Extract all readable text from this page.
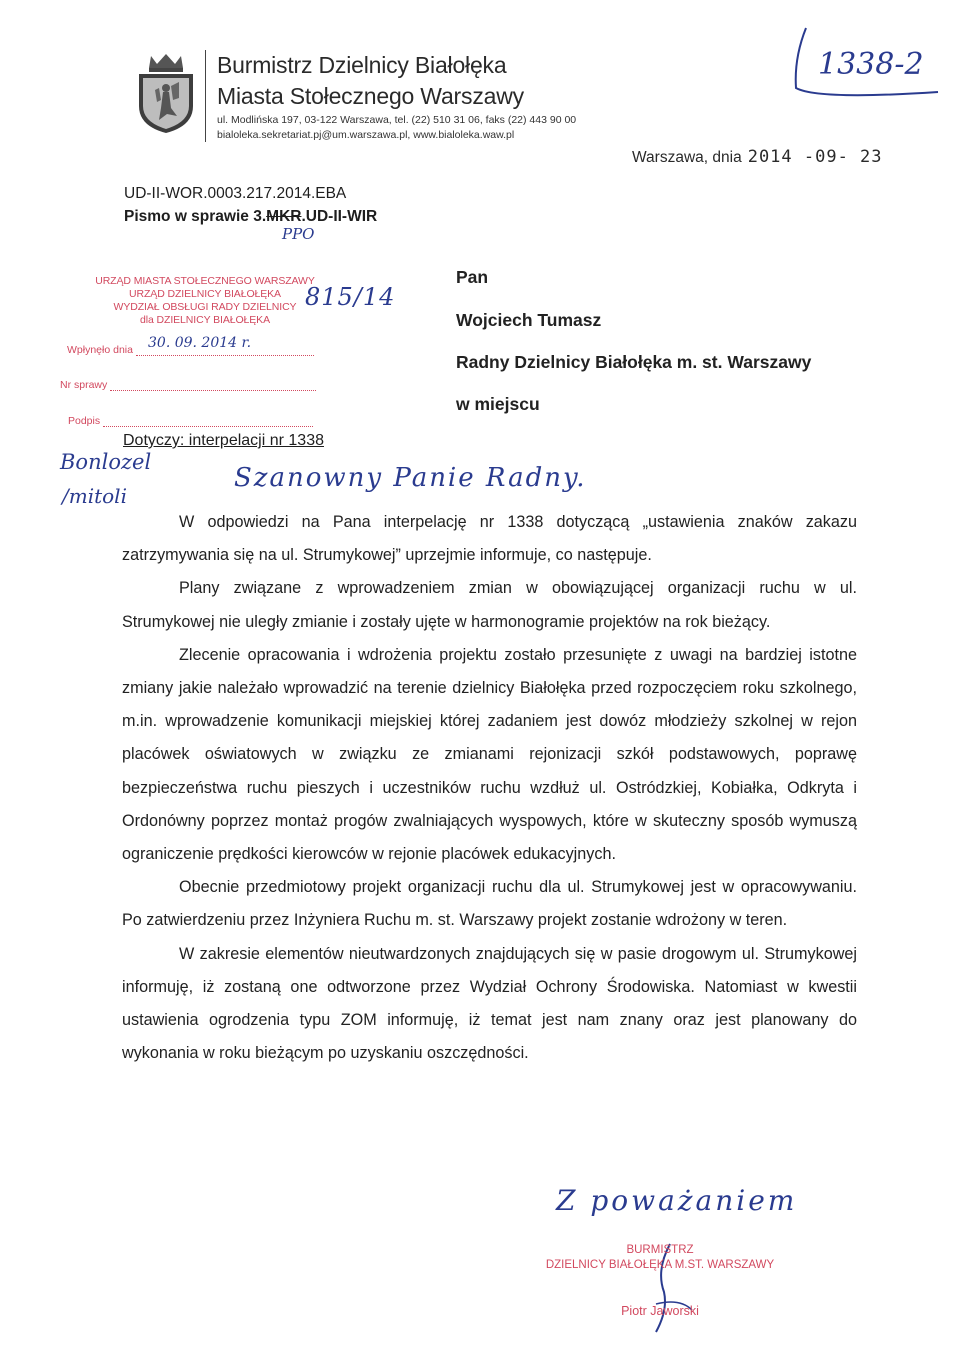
Burmistrz Dzielnicy Białołęka
Miasta Stołecznego Warszawy
ul. Modlińska 197, 03-122 Warszawa, tel. (22) 510 31 06, faks (22) 443 90 00
bialoleka.sekretariat.pj@um.warszawa.pl, www.bialoleka.waw.pl
1338-2
Warszawa, dnia 2014 -09- 23
UD-II-WOR.0003.217.2014.EBA
Pismo w sprawie 3.MKR.UD-II-WIR
PPO
URZĄD MIASTA STOŁECZNEGO WARSZAWY
URZĄD DZIELNICY BIAŁOŁĘKA
WYDZIAŁ OBSŁUGI RADY DZIELNICY
dla DZIELNICY BIAŁOŁĘKA
Wpłynęło dnia	30. 09. 2014 r.
Nr sprawy
Podpis
815/14
Pan
Wojciech Tumasz
Radny Dzielnicy Białołęka m. st. Warszawy
w miejscu
Dotyczy: interpelacji nr 1338
Bonlozel
/mitoli
Szanowny Panie Radny.

W odpowiedzi na Pana interpelację nr 1338 dotyczącą „ustawienia znaków zakazu zatrzymywania się na ul. Strumykowej” uprzejmie informuje, co następuje.

Plany związane z wprowadzeniem zmian w obowiązującej organizacji ruchu w ul. Strumykowej nie uległy zmianie i zostały ujęte w harmonogramie projektów na rok bieżący.

Zlecenie opracowania i wdrożenia projektu zostało przesunięte z uwagi na bardziej istotne zmiany jakie należało wprowadzić na terenie dzielnicy Białołęka przed rozpoczęciem roku szkolnego, m.in. wprowadzenie komunikacji miejskiej której zadaniem jest dowóz młodzieży szkolnej w rejon placówek oświatowych w związku ze zmianami rejonizacji szkół podstawowych, poprawę bezpieczeństwa ruchu pieszych i uczestników ruchu wzdłuż ul. Ostródzkiej, Kobiałka, Odkryta i Ordonówny poprzez montaż progów zwalniających wyspowych, które w skuteczny sposób wymuszą ograniczenie prędkości kierowców w rejonie placówek edukacyjnych.

Obecnie przedmiotowy projekt organizacji ruchu dla ul. Strumykowej jest w opracowywaniu. Po zatwierdzeniu przez Inżyniera Ruchu m. st. Warszawy projekt zostanie wdrożony w teren.

W zakresie elementów nieutwardzonych znajdujących się w pasie drogowym ul. Strumykowej informuję, iż zostaną one odtworzone przez Wydział Ochrony Środowiska. Natomiast w kwestii ustawienia ogrodzenia typu ZOM informuję, iż temat jest nam znany oraz jest planowany do wykonania w roku bieżącym po uzyskaniu oszczędności.

Z poważaniem
BURMISTRZ
DZIELNICY BIAŁOŁĘKA M.ST. WARSZAWY
Piotr Jaworski
